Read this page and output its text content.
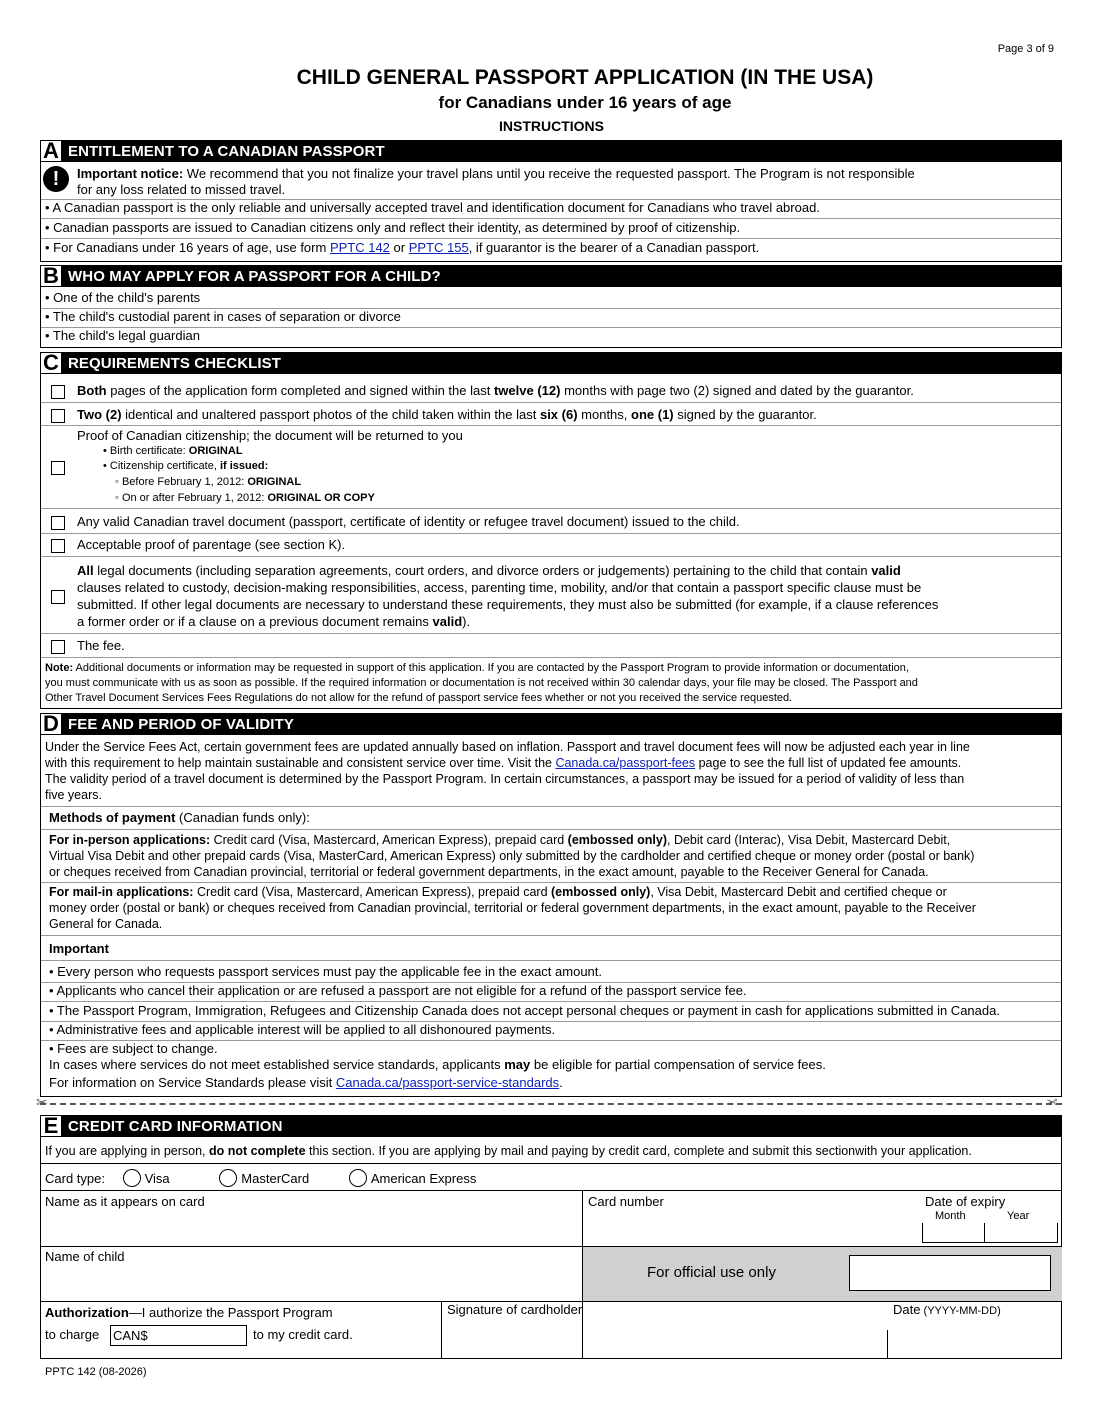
Page 3 of 9
CHILD GENERAL PASSPORT APPLICATION (IN THE USA)
for Canadians under 16 years of age
INSTRUCTIONS
A ENTITLEMENT TO A CANADIAN PASSPORT
!	Important notice: We recommend that you not finalize your travel plans until you receive the requested passport. The Program is not responsible
for any loss related to missed travel.
• A Canadian passport is the only reliable and universally accepted travel and identification document for Canadians who travel abroad.
• Canadian passports are issued to Canadian citizens only and reflect their identity, as determined by proof of citizenship.
• For Canadians under 16 years of age, use form PPTC 142 or PPTC 155, if guarantor is the bearer of a Canadian passport.
B WHO MAY APPLY FOR A PASSPORT FOR A CHILD?
• One of the child's parents
• The child's custodial parent in cases of separation or divorce
• The child's legal guardian
C REQUIREMENTS CHECKLIST
Both pages of the application form completed and signed within the last twelve (12) months with page two (2) signed and dated by the guarantor.
Two (2) identical and unaltered passport photos of the child taken within the last six (6) months, one (1) signed by the guarantor.
Proof of Canadian citizenship; the document will be returned to you
• Birth certificate: ORIGINAL
• Citizenship certificate, if issued:
◦ Before February 1, 2012: ORIGINAL
◦ On or after February 1, 2012: ORIGINAL OR COPY
Any valid Canadian travel document (passport, certificate of identity or refugee travel document) issued to the child.
Acceptable proof of parentage (see section K).
All legal documents (including separation agreements, court orders, and divorce orders or judgements) pertaining to the child that contain valid
clauses related to custody, decision-making responsibilities, access, parenting time, mobility, and/or that contain a passport specific clause must be
submitted. If other legal documents are necessary to understand these requirements, they must also be submitted (for example, if a clause references
a former order or if a clause on a previous document remains valid).
The fee.
Note: Additional documents or information may be requested in support of this application. If you are contacted by the Passport Program to provide information or documentation,
you must communicate with us as soon as possible. If the required information or documentation is not received within 30 calendar days, your file may be closed. The Passport and
Other Travel Document Services Fees Regulations do not allow for the refund of passport service fees whether or not you received the service requested.
D FEE AND PERIOD OF VALIDITY
Under the Service Fees Act, certain government fees are updated annually based on inflation. Passport and travel document fees will now be adjusted each year in line
with this requirement to help maintain sustainable and consistent service over time. Visit the Canada.ca/passport-fees page to see the full list of updated fee amounts.
The validity period of a travel document is determined by the Passport Program. In certain circumstances, a passport may be issued for a period of validity of less than
five years.
Methods of payment (Canadian funds only):
For in-person applications: Credit card (Visa, Mastercard, American Express), prepaid card (embossed only), Debit card (Interac), Visa Debit, Mastercard Debit,
Virtual Visa Debit and other prepaid cards (Visa, MasterCard, American Express) only submitted by the cardholder and certified cheque or money order (postal or bank)
or cheques received from Canadian provincial, territorial or federal government departments, in the exact amount, payable to the Receiver General for Canada.
For mail-in applications: Credit card (Visa, Mastercard, American Express), prepaid card (embossed only), Visa Debit, Mastercard Debit and certified cheque or
money order (postal or bank) or cheques received from Canadian provincial, territorial or federal government departments, in the exact amount, payable to the Receiver
General for Canada.
Important
• Every person who requests passport services must pay the applicable fee in the exact amount.
• Applicants who cancel their application or are refused a passport are not eligible for a refund of the passport service fee.
• The Passport Program, Immigration, Refugees and Citizenship Canada does not accept personal cheques or payment in cash for applications submitted in Canada.
• Administrative fees and applicable interest will be applied to all dishonoured payments.
• Fees are subject to change.
In cases where services do not meet established service standards, applicants may be eligible for partial compensation of service fees.
For information on Service Standards please visit Canada.ca/passport-service-standards.
✂	✂
E CREDIT CARD INFORMATION
If you are applying in person, do not complete this section. If you are applying by mail and paying by credit card, complete and submit this sectionwith your application.
Card type:	Visa	MasterCard	American Express
Name as it appears on card	Card number	Date of expiry
Month	Year
Name of child
For official use only
Authorization—I authorize the Passport Program
to charge CAN$	to my credit card.
Signature of cardholder	Date (YYYY-MM-DD)
PPTC 142 (08-2026)
